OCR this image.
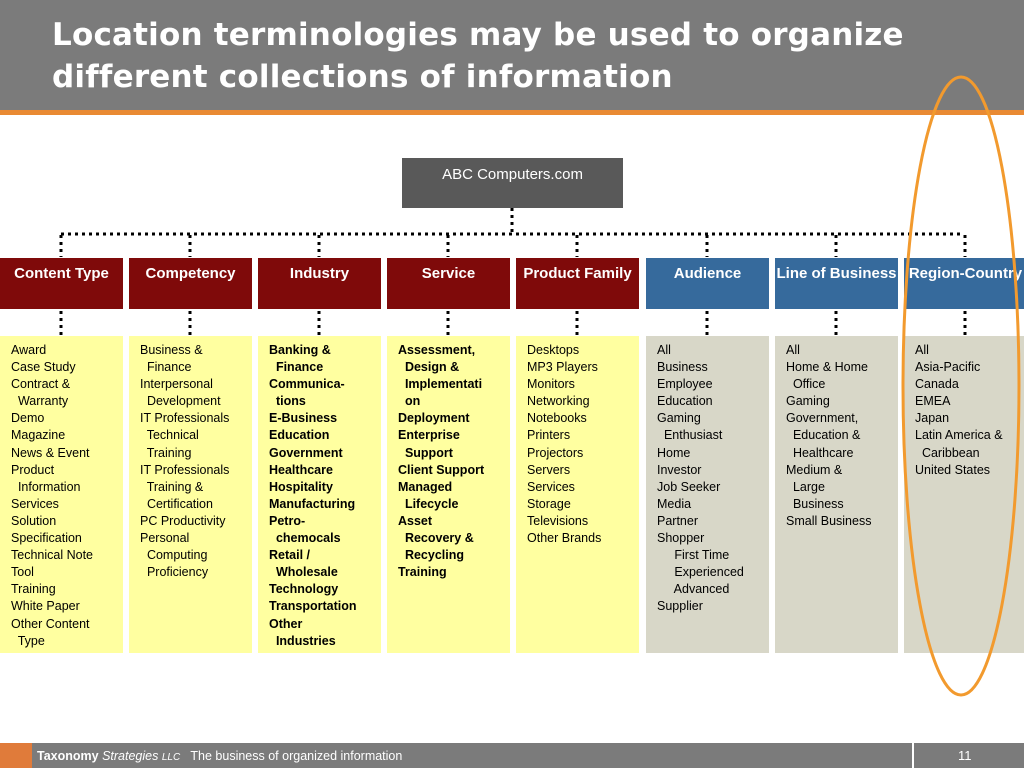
Location terminologies may be used to organize different collections of information
ABC Computers.com
Content Type
Award
Case Study
Contract &
Warranty
Demo
Magazine
News & Event
Product
Information
Services
Solution
Specification
Technical Note
Tool
Training
White Paper
Other Content
Type
Competency
Business &
Finance
Interpersonal
Development
IT Professionals
Technical
Training
IT Professionals
Training &
Certification
PC Productivity
Personal
Computing
Proficiency
Industry
Banking &
Finance
Communica-
tions
E-Business
Education
Government
Healthcare
Hospitality
Manufacturing
Petro-
chemocals
Retail /
Wholesale
Technology
Transportation
Other
Industries
Service
Assessment,
Design &
Implementati
on
Deployment
Enterprise
Support
Client Support
Managed
Lifecycle
Asset
Recovery &
Recycling
Training
Product Family
Desktops
MP3 Players
Monitors
Networking
Notebooks
Printers
Projectors
Servers
Services
Storage
Televisions
Other Brands
Audience
All
Business
Employee
Education
Gaming
Enthusiast
Home
Investor
Job Seeker
Media
Partner
Shopper
First Time
Experienced
Advanced
Supplier
Line of Business
All
Home & Home
Office
Gaming
Government,
Education &
Healthcare
Medium &
Large
Business
Small Business
Region-Country
All
Asia-Pacific
Canada
EMEA
Japan
Latin America &
Caribbean
United States
Taxonomy Strategies LLC The business of organized information	11
